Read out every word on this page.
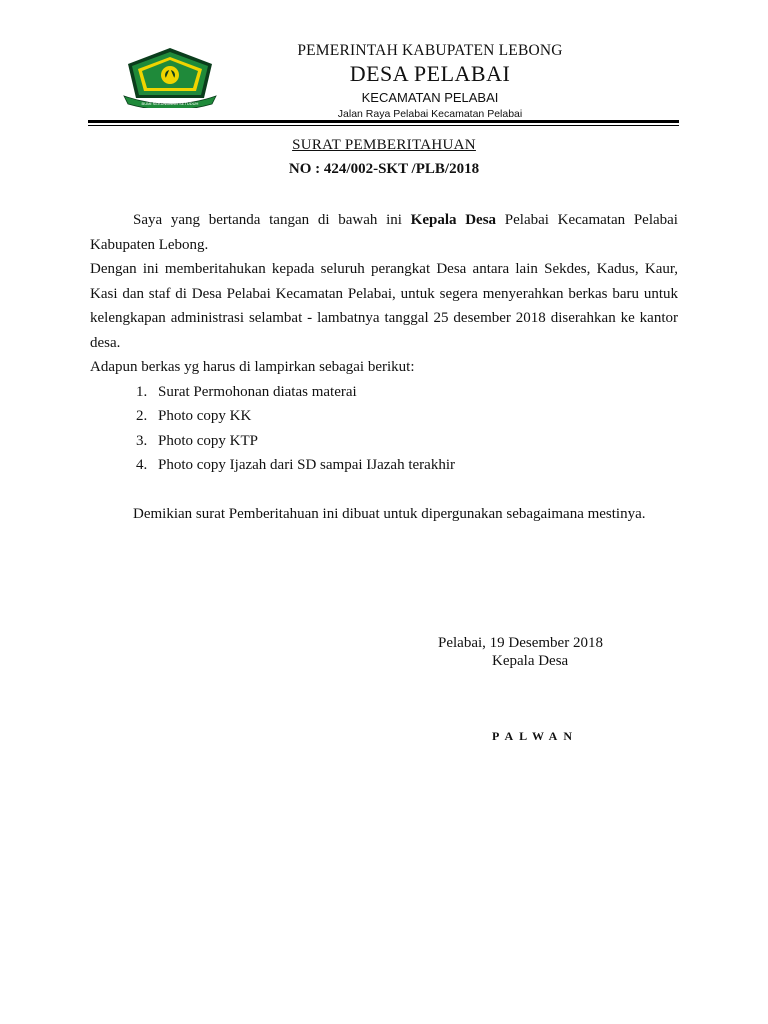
BUMI SEKUNDANG SETUDUH
PEMERINTAH KABUPATEN LEBONG
DESA PELABAI
KECAMATAN PELABAI
Jalan Raya Pelabai Kecamatan Pelabai
SURAT PEMBERITAHUAN
NO : 424/002-SKT /PLB/2018

Saya yang bertanda tangan di bawah ini Kepala Desa Pelabai Kecamatan Pelabai Kabupaten Lebong.

Dengan ini memberitahukan kepada seluruh perangkat Desa antara lain Sekdes, Kadus, Kaur, Kasi dan staf di Desa Pelabai Kecamatan Pelabai, untuk segera menyerahkan berkas baru untuk kelengkapan administrasi selambat - lambatnya tanggal 25 desember 2018 diserahkan ke kantor desa.

Adapun berkas yg harus di lampirkan sebagai berikut:

1. Surat Permohonan diatas materai
2. Photo copy KK
3. Photo copy KTP
4. Photo copy Ijazah dari SD sampai IJazah terakhir

Demikian surat Pemberitahuan ini dibuat untuk dipergunakan sebagaimana mestinya.

Pelabai, 19 Desember 2018
Kepala Desa
PALWAN
